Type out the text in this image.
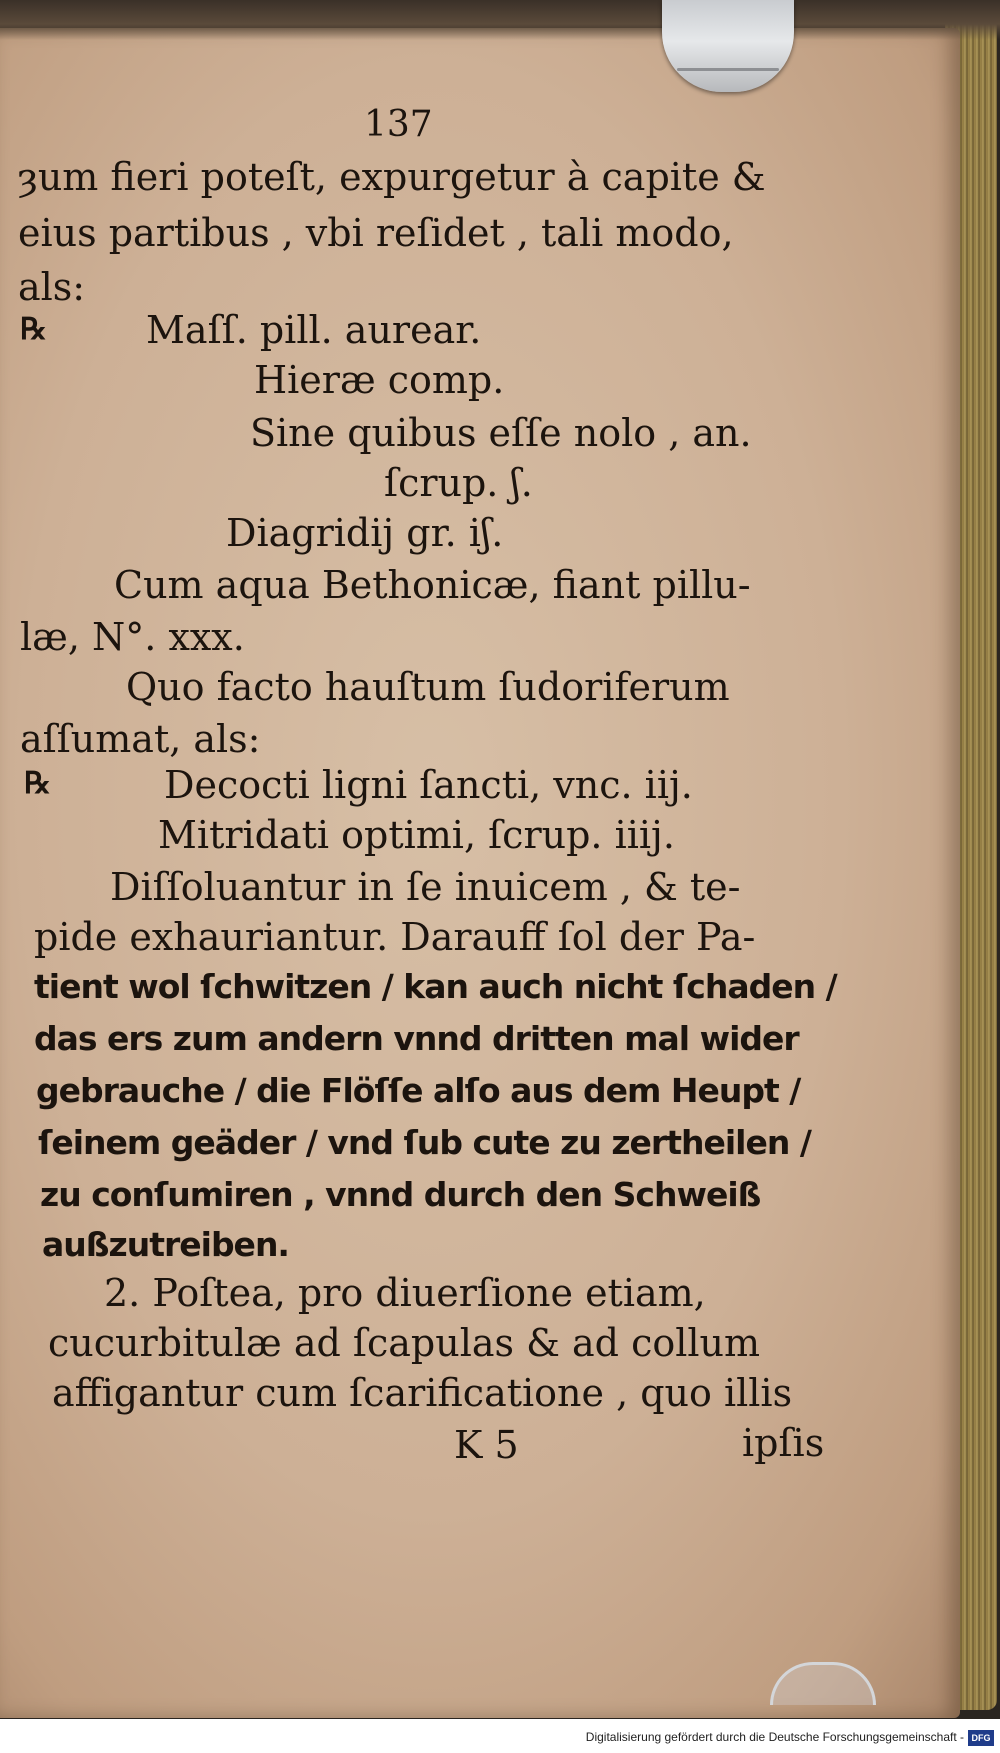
137
ȝum fieri poteſt, expurgetur à capite &
eius partibus , vbi reſidet , tali modo,
als:
℞	Maſſ. pill. aurear.
Hieræ comp.
Sine quibus eſſe nolo , an.
ſcrup. ʃ.
Diagridij gr. iʃ.
Cum aqua Bethonicæ, fiant pillu-
læ, N°. xxx.
Quo facto hauſtum ſudoriferum
aſſumat, als:
℞	Decocti ligni ſancti, vnc. iij.
Mitridati optimi, ſcrup. iiij.
Diſſoluantur in ſe inuicem , & te-
pide exhauriantur. Darauff ſol der Pa-
tient wol ſchwitzen / kan auch nicht ſchaden /
das ers zum andern vnnd dritten mal wider
gebrauche / die Flöſſe alſo aus dem Heupt /
ſeinem geäder / vnd ſub cute zu zertheilen /
zu conſumiren , vnnd durch den Schweiß
außzutreiben.
2. Poſtea, pro diuerſione etiam,
cucurbitulæ ad ſcapulas & ad collum
affigantur cum ſcarificatione , quo illis
K 5	ipſis
Digitalisierung gefördert durch die Deutsche Forschungsgemeinschaft - DFG
